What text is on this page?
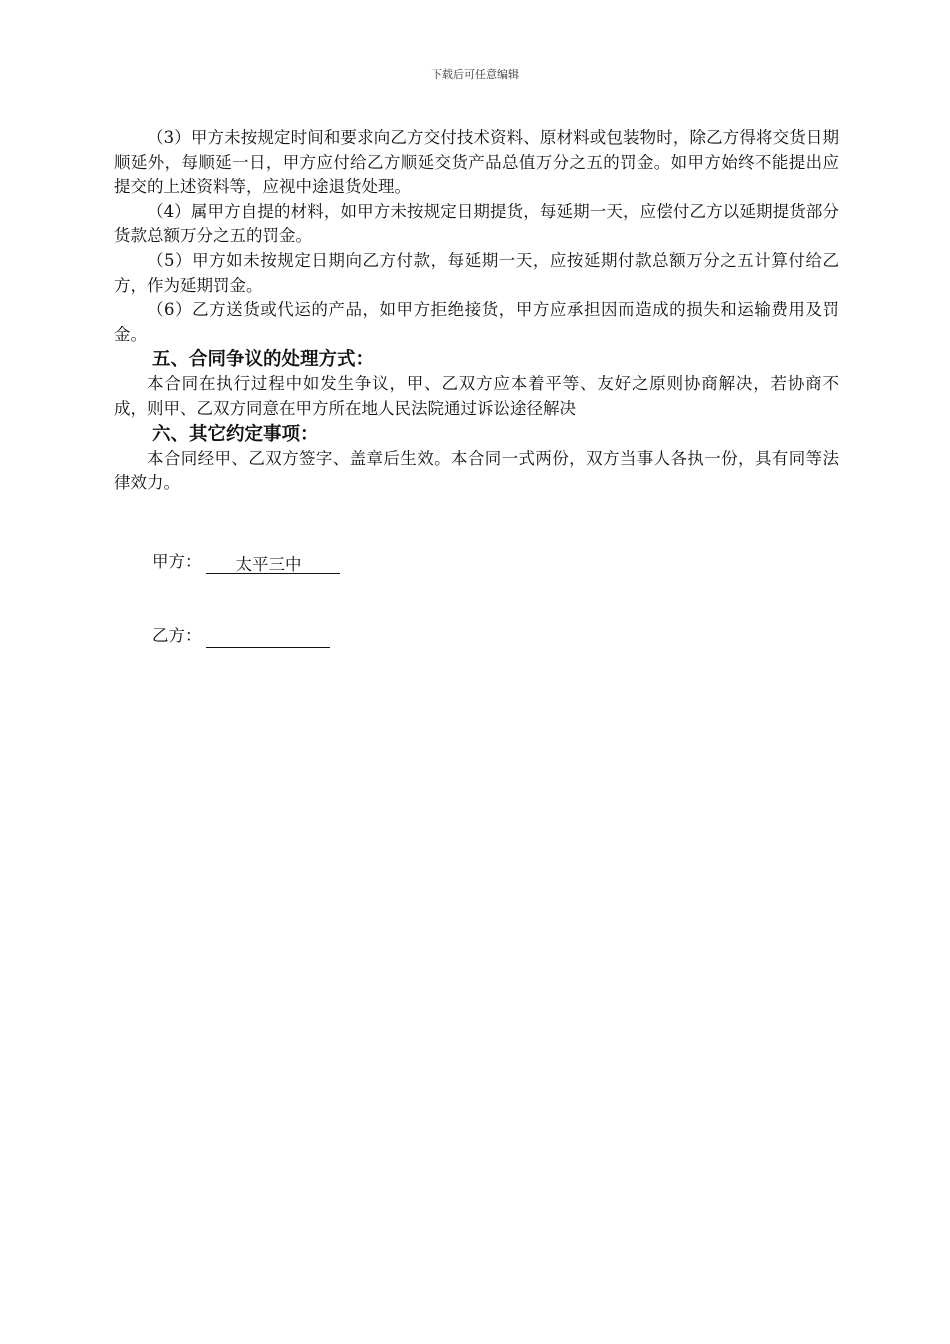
下载后可任意编辑

（3）甲方未按规定时间和要求向乙方交付技术资料、原材料或包装物时，除乙方得将交货日期顺延外，每顺延一日，甲方应付给乙方顺延交货产品总值万分之五的罚金。如甲方始终不能提出应提交的上述资料等，应视中途退货处理。

（4）属甲方自提的材料，如甲方未按规定日期提货，每延期一天，应偿付乙方以延期提货部分货款总额万分之五的罚金。

（5）甲方如未按规定日期向乙方付款，每延期一天，应按延期付款总额万分之五计算付给乙方，作为延期罚金。

（6）乙方送货或代运的产品，如甲方拒绝接货，甲方应承担因而造成的损失和运输费用及罚金。

五、合同争议的处理方式：

本合同在执行过程中如发生争议，甲、乙双方应本着平等、友好之原则协商解决，若协商不成，则甲、乙双方同意在甲方所在地人民法院通过诉讼途径解决

六、其它约定事项：

本合同经甲、乙双方签字、盖章后生效。本合同一式两份，双方当事人各执一份，具有同等法律效力。

甲方： 太平三中
乙方：
